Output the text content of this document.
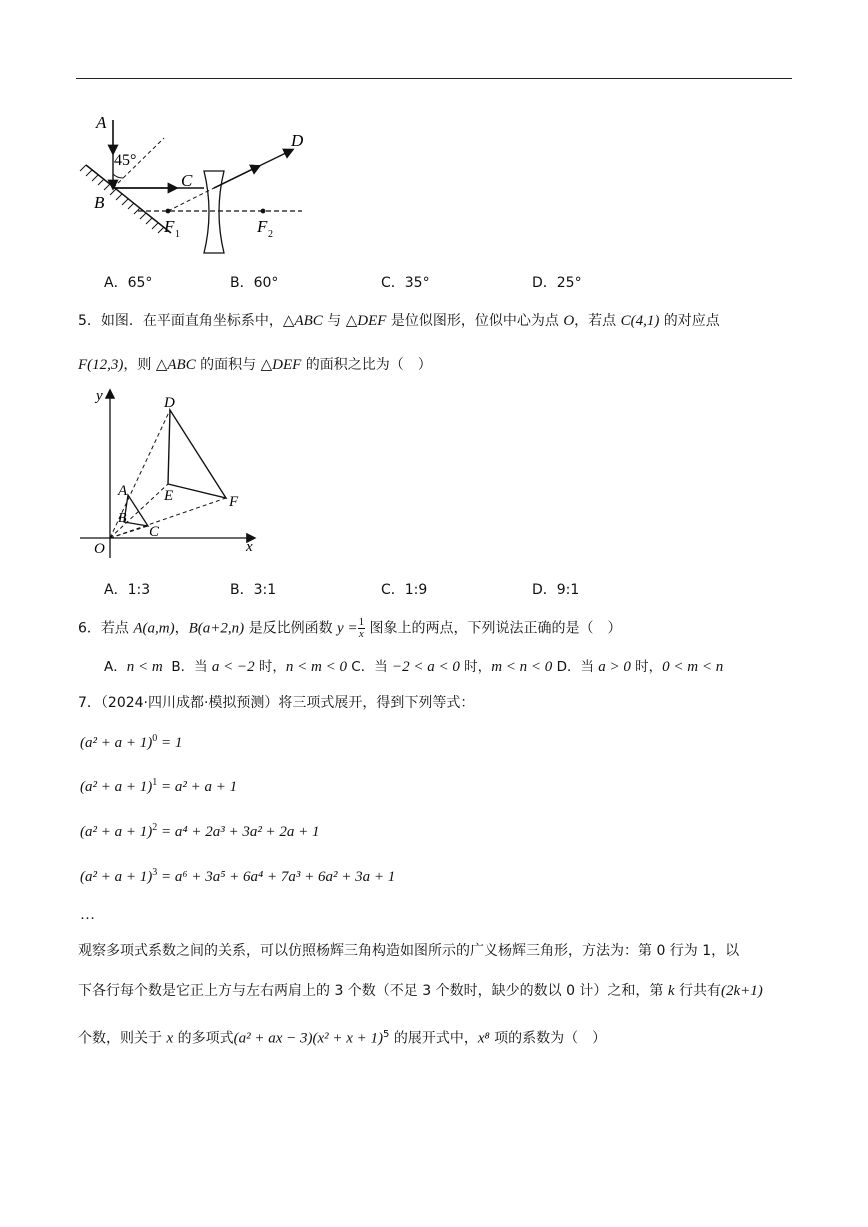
A
45°
B
C
D
F 1	F 2
A．65°	B．60°	C．35°	D．25°
5．如图．在平面直角坐标系中，△ABC 与 △DEF 是位似图形，位似中心为点 O，若点 C(4,1) 的对应点
F(12,3)，则 △ABC 的面积与 △DEF 的面积之比为（　）
y
x
O
D
E	F
A
B
C
A．1:3	B．3:1	C．1:9	D．9:1
6．若点 A(a,m)，B(a+2,n) 是反比例函数 $y = \frac{1}{x}$ 图象上的两点，下列说法正确的是（　）
A．n < m B．当 a < −2 时，n < m < 0 C．当 −2 < a < 0 时，m < n < 0 D．当 a > 0 时，0 < m < n
7．（2024·四川成都·模拟预测）将三项式展开，得到下列等式：
$(a^2 + a + 1)^0 = 1$
$(a^2 + a + 1)^1 = a^2 + a + 1$
$(a^2 + a + 1)^2 = a^4 + 2a^3 + 3a^2 + 2a + 1$
$(a^2 + a + 1)^3 = a^6 + 3a^5 + 6a^4 + 7a^3 + 6a^2 + 3a + 1$
…
观察多项式系数之间的关系，可以仿照杨辉三角构造如图所示的广义杨辉三角形，方法为：第 0 行为 1，以
下各行每个数是它正上方与左右两肩上的 3 个数（不足 3 个数时，缺少的数以 0 计）之和，第 k 行共有(2k+1)
个数，则关于 x 的多项式(a² + ax − $3)(x^2 + x + 1)^5$ 的展开式中，x⁸ 项的系数为（　）
